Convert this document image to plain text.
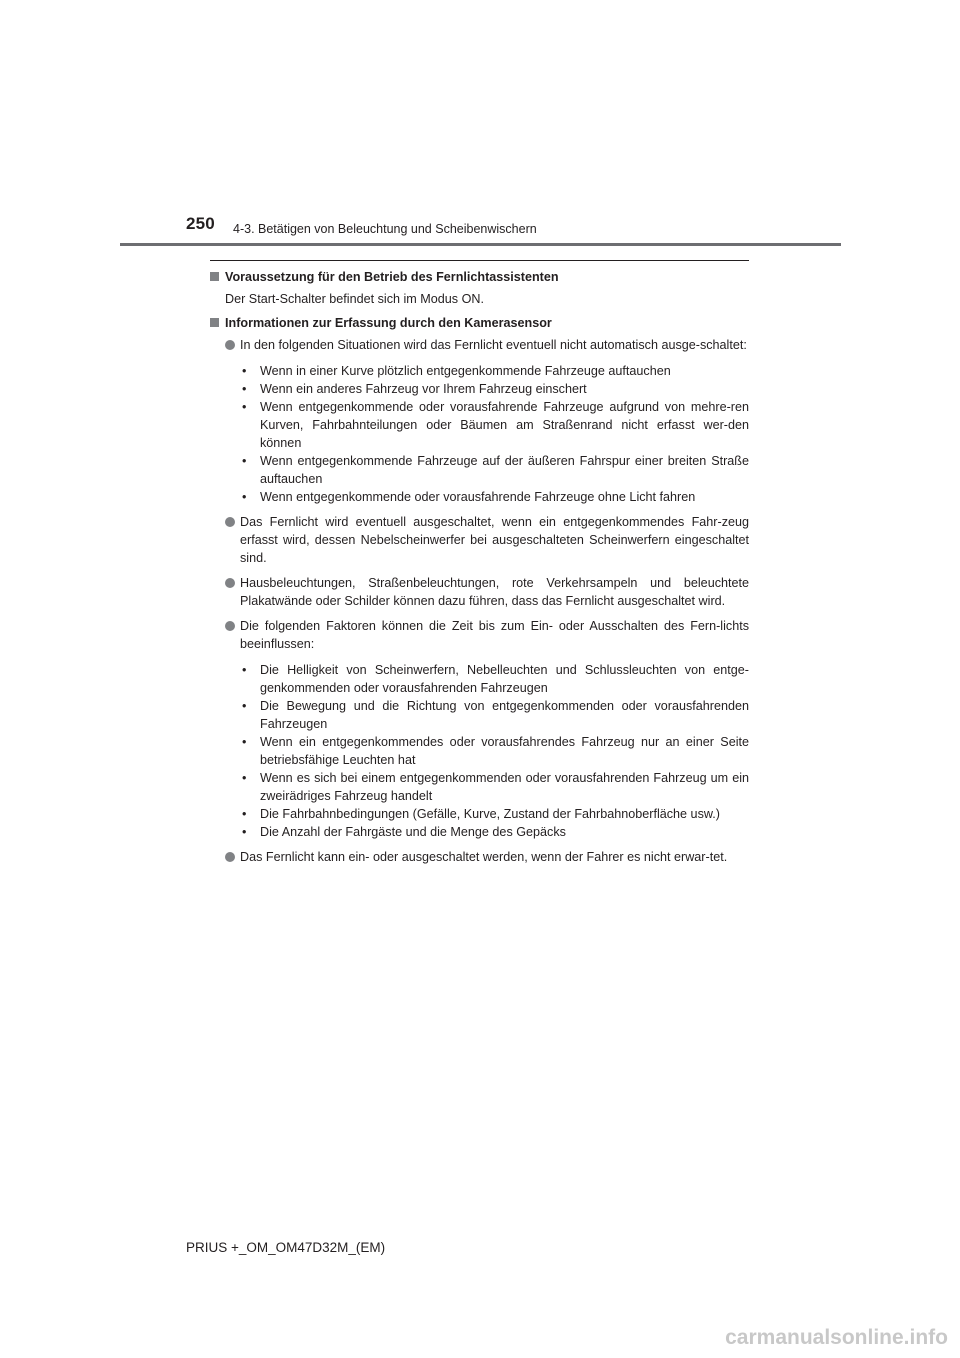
250 4-3. Betätigen von Beleuchtung und Scheibenwischern
Voraussetzung für den Betrieb des Fernlichtassistenten
Der Start-Schalter befindet sich im Modus ON.
Informationen zur Erfassung durch den Kamerasensor
In den folgenden Situationen wird das Fernlicht eventuell nicht automatisch ausge-schaltet:
•	Wenn in einer Kurve plötzlich entgegenkommende Fahrzeuge auftauchen
•	Wenn ein anderes Fahrzeug vor Ihrem Fahrzeug einschert
•	Wenn entgegenkommende oder vorausfahrende Fahrzeuge aufgrund von mehre-ren Kurven, Fahrbahnteilungen oder Bäumen am Straßenrand nicht erfasst wer-den können
•	Wenn entgegenkommende Fahrzeuge auf der äußeren Fahrspur einer breiten Straße auftauchen
•	Wenn entgegenkommende oder vorausfahrende Fahrzeuge ohne Licht fahren
Das Fernlicht wird eventuell ausgeschaltet, wenn ein entgegenkommendes Fahr-zeug erfasst wird, dessen Nebelscheinwerfer bei ausgeschalteten Scheinwerfern eingeschaltet sind.
Hausbeleuchtungen, Straßenbeleuchtungen, rote Verkehrsampeln und beleuchtete Plakatwände oder Schilder können dazu führen, dass das Fernlicht ausgeschaltet wird.
Die folgenden Faktoren können die Zeit bis zum Ein- oder Ausschalten des Fern-lichts beeinflussen:
•	Die Helligkeit von Scheinwerfern, Nebelleuchten und Schlussleuchten von entge-genkommenden oder vorausfahrenden Fahrzeugen
•	Die Bewegung und die Richtung von entgegenkommenden oder vorausfahrenden Fahrzeugen
•	Wenn ein entgegenkommendes oder vorausfahrendes Fahrzeug nur an einer Seite betriebsfähige Leuchten hat
•	Wenn es sich bei einem entgegenkommenden oder vorausfahrenden Fahrzeug um ein zweirädriges Fahrzeug handelt
•	Die Fahrbahnbedingungen (Gefälle, Kurve, Zustand der Fahrbahnoberfläche usw.)
•	Die Anzahl der Fahrgäste und die Menge des Gepäcks
Das Fernlicht kann ein- oder ausgeschaltet werden, wenn der Fahrer es nicht erwar-tet.
PRIUS +_OM_OM47D32M_(EM)
carmanualsonline.info
